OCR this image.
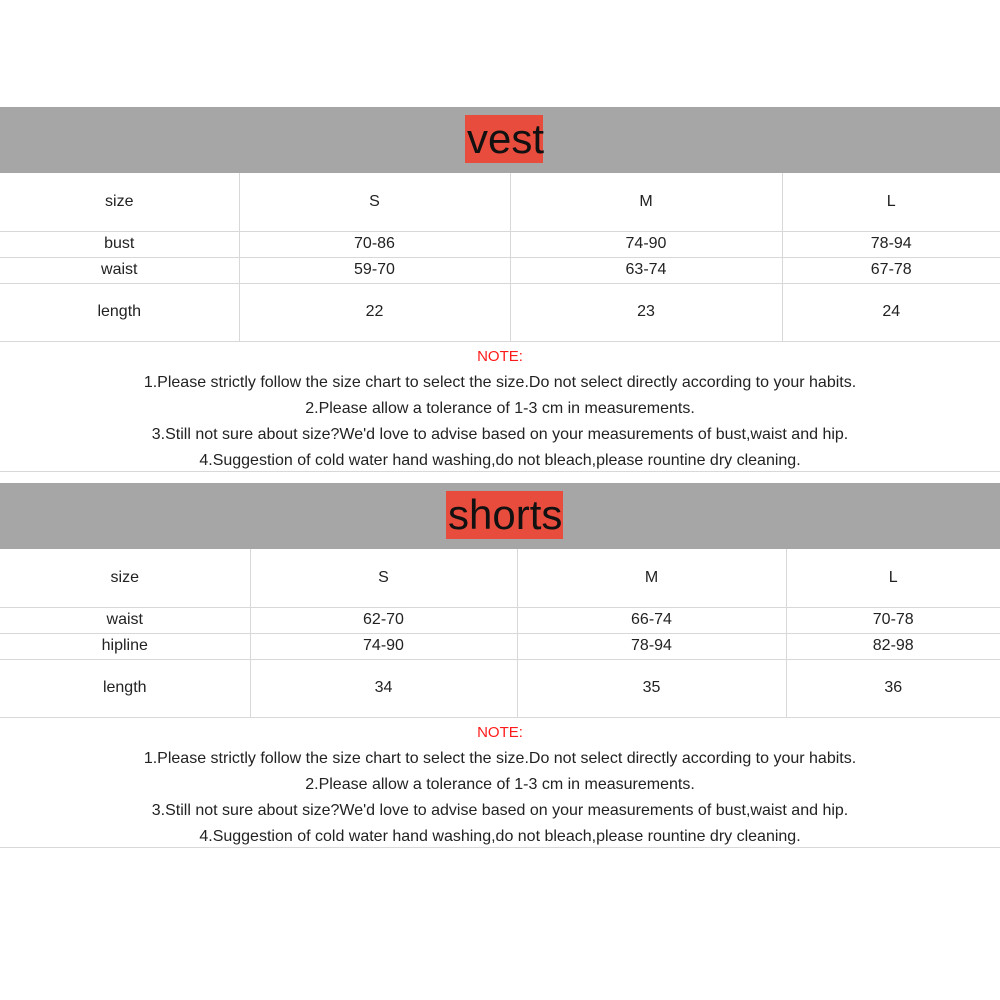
vest
size	S	M	L
bust	70-86	74-90	78-94
waist	59-70	63-74	67-78
length	22	23	24
NOTE:
1.Please strictly follow the size chart to select the size.Do not select directly according to your habits.
2.Please allow a tolerance of 1-3 cm in measurements.
3.Still not sure about size?We'd love to advise based on your measurements of bust,waist and hip.
4.Suggestion of cold water hand washing,do not bleach,please rountine dry cleaning.
shorts
size	S	M	L
waist	62-70	66-74	70-78
hipline	74-90	78-94	82-98
length	34	35	36
NOTE:
1.Please strictly follow the size chart to select the size.Do not select directly according to your habits.
2.Please allow a tolerance of 1-3 cm in measurements.
3.Still not sure about size?We'd love to advise based on your measurements of bust,waist and hip.
4.Suggestion of cold water hand washing,do not bleach,please rountine dry cleaning.
